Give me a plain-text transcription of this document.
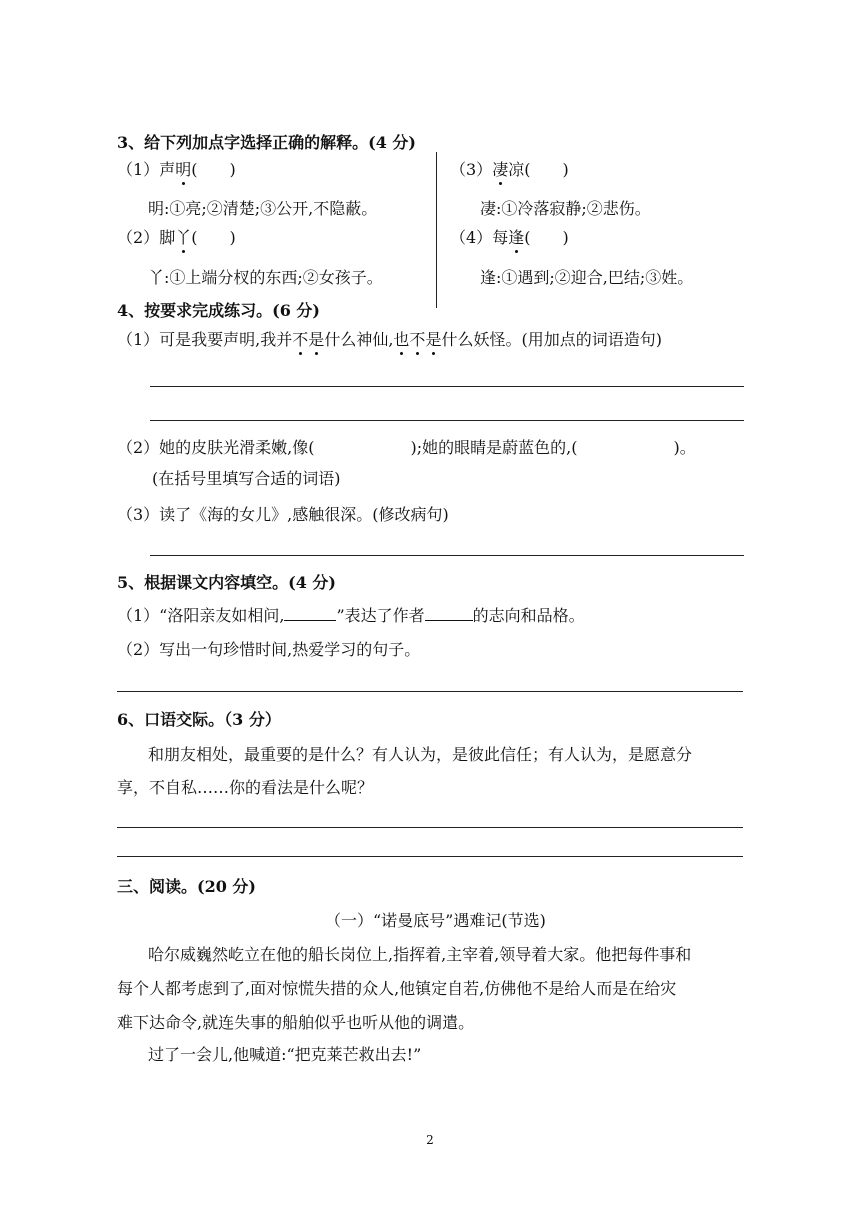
3、给下列加点字选择正确的解释。(4 分)
（1）声明(　　)
明:①亮;②清楚;③公开,不隐蔽。
（2）脚丫(　　)
丫:①上端分杈的东西;②女孩子。
（3）凄凉(　　)
凄:①冷落寂静;②悲伤。
（4）每逢(　　)
逢:①遇到;②迎合,巴结;③姓。
4、按要求完成练习。(6 分)
（1）可是我要声明,我并不是什么神仙,也不是什么妖怪。(用加点的词语造句)
（2）她的皮肤光滑柔嫩,像(	);她的眼睛是蔚蓝色的,(	)。
(在括号里填写合适的词语)
（3）读了《海的女儿》,感触很深。(修改病句)
5、根据课文内容填空。(4 分)
（1）“洛阳亲友如相问,	”表达了作者	的志向和品格。
（2）写出一句珍惜时间,热爱学习的句子。
6、口语交际。（3 分）
和朋友相处，最重要的是什么？有人认为，是彼此信任；有人认为，是愿意分
享，不自私……你的看法是什么呢？
三、阅读。(20 分)
（一）“诺曼底号”遇难记(节选)
哈尔威巍然屹立在他的船长岗位上,指挥着,主宰着,领导着大家。他把每件事和
每个人都考虑到了,面对惊慌失措的众人,他镇定自若,仿佛他不是给人而是在给灾
难下达命令,就连失事的船舶似乎也听从他的调遣。
过了一会儿,他喊道:“把克莱芒救出去!”
2
